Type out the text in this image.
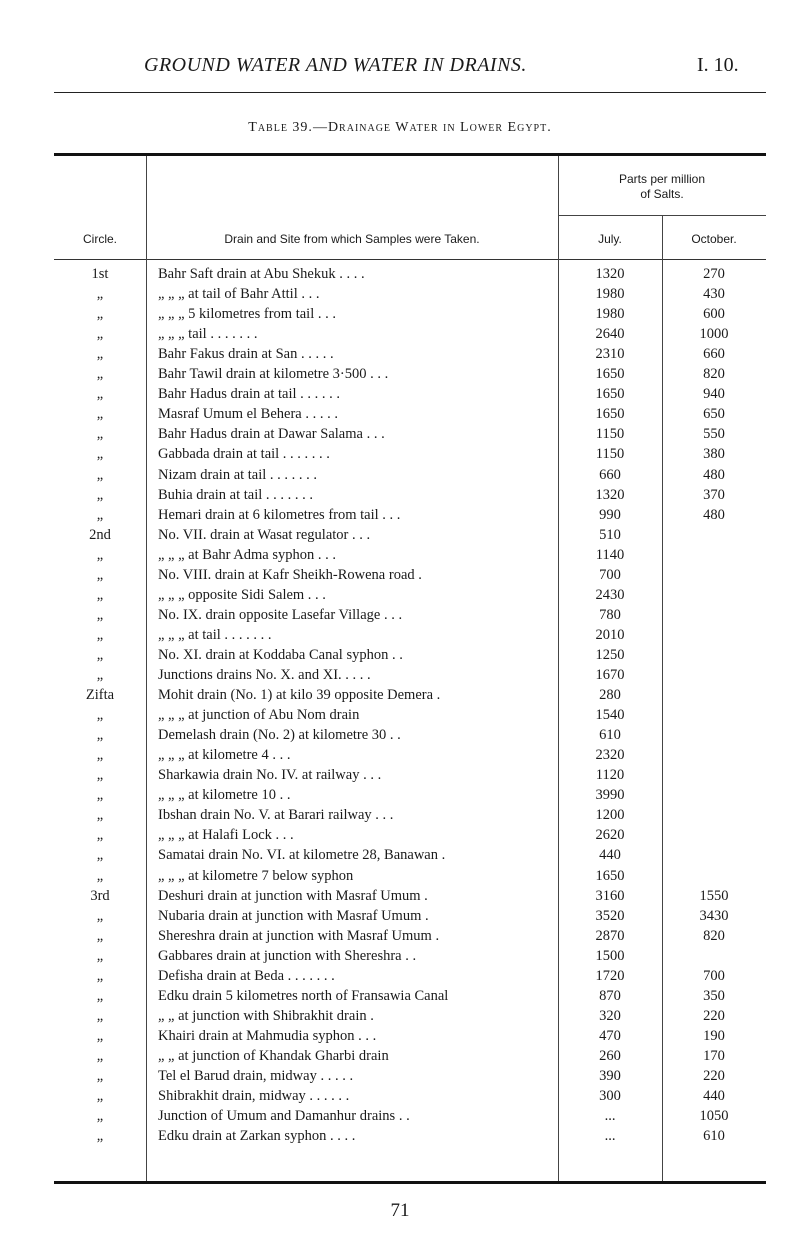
GROUND WATER AND WATER IN DRAINS.	I. 10.
Table 39.—Drainage Water in Lower Egypt.
Circle.	Drain and Site from which Samples were Taken.
Parts per million
of Salts.
July.	October.
1st	Bahr Saft drain at Abu Shekuk . . . .	1320	270
„	„ „ „ at tail of Bahr Attil . . .	1980	430
„	„ „ „ 5 kilometres from tail . . .	1980	600
„	„ „ „ tail . . . . . . .	2640	1000
„	Bahr Fakus drain at San . . . . .	2310	660
„	Bahr Tawil drain at kilometre 3·500 . . .	1650	820
„	Bahr Hadus drain at tail . . . . . .	1650	940
„	Masraf Umum el Behera . . . . .	1650	650
„	Bahr Hadus drain at Dawar Salama . . .	1150	550
„	Gabbada drain at tail . . . . . . .	1150	380
„	Nizam drain at tail . . . . . . .	660	480
„	Buhia drain at tail . . . . . . .	1320	370
„	Hemari drain at 6 kilometres from tail . . .	990	480
2nd	No. VII. drain at Wasat regulator . . .	510
„	„ „ „ at Bahr Adma syphon . . .	1140
„	No. VIII. drain at Kafr Sheikh-Rowena road .	700
„	„ „ „ opposite Sidi Salem . . .	2430
„	No. IX. drain opposite Lasefar Village . . .	780
„	„ „ „ at tail . . . . . . .	2010
„	No. XI. drain at Koddaba Canal syphon . .	1250
„	Junctions drains No. X. and XI. . . . .	1670
Zifta	Mohit drain (No. 1) at kilo 39 opposite Demera .	280
„	„ „ „ at junction of Abu Nom drain	1540
„	Demelash drain (No. 2) at kilometre 30 . .	610
„	„ „ „ at kilometre 4 . . .	2320
„	Sharkawia drain No. IV. at railway . . .	1120
„	„ „ „ at kilometre 10 . .	3990
„	Ibshan drain No. V. at Barari railway . . .	1200
„	„ „ „ at Halafi Lock . . .	2620
„	Samatai drain No. VI. at kilometre 28, Banawan .	440
„	„ „ „ at kilometre 7 below syphon	1650
3rd	Deshuri drain at junction with Masraf Umum .	3160	1550
„	Nubaria drain at junction with Masraf Umum .	3520	3430
„	Shereshra drain at junction with Masraf Umum .	2870	820
„	Gabbares drain at junction with Shereshra . .	1500
„	Defisha drain at Beda . . . . . . .	1720	700
„	Edku drain 5 kilometres north of Fransawia Canal	870	350
„	„ „ at junction with Shibrakhit drain .	320	220
„	Khairi drain at Mahmudia syphon . . .	470	190
„	„ „ at junction of Khandak Gharbi drain	260	170
„	Tel el Barud drain, midway . . . . .	390	220
„	Shibrakhit drain, midway . . . . . .	300	440
„	Junction of Umum and Damanhur drains . .	...	1050
„	Edku drain at Zarkan syphon . . . .	...	610
71
